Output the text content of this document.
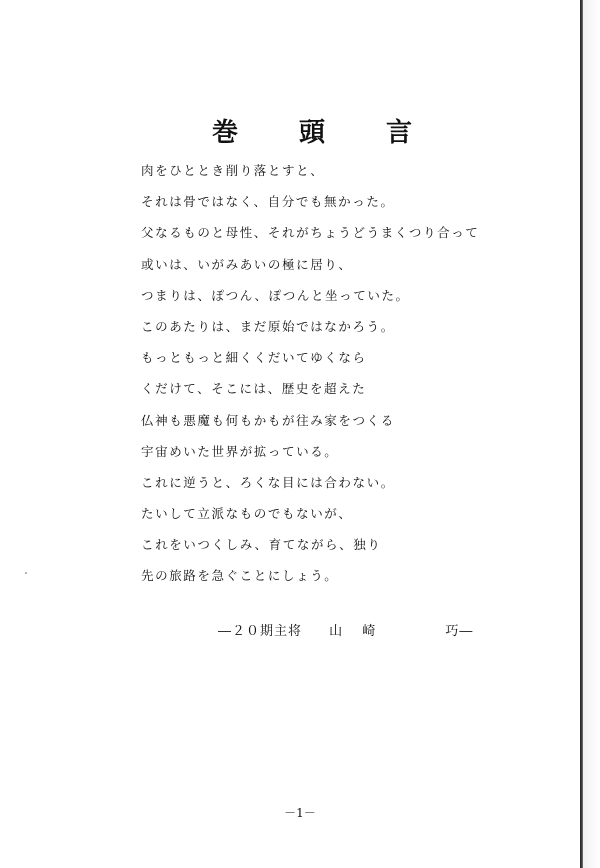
巻 頭 言
肉をひととき削り落とすと、
それは骨ではなく、自分でも無かった。
父なるものと母性、それがちょうどうまくつり合って
或いは、いがみあいの極に居り、
つまりは、ぽつん、ぽつんと坐っていた。
このあたりは、まだ原始ではなかろう。
もっともっと細くくだいてゆくなら
くだけて、そこには、歴史を超えた
仏神も悪魔も何もかもが往み家をつくる
宇宙めいた世界が拡っている。
これに逆うと、ろくな目には合わない。
たいして立派なものでもないが、
これをいつくしみ、育てながら、独り
先の旅路を急ぐことにしょう。
―２０期主将 山 崎	巧―
－1－
